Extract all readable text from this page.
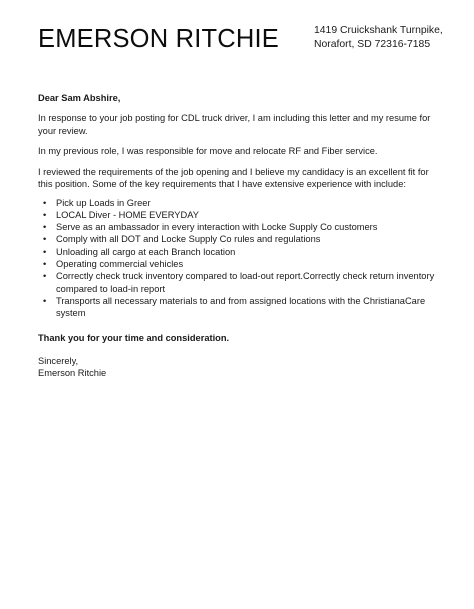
EMERSON RITCHIE	1419 Cruickshank Turnpike,
Norafort, SD 72316-7185

Dear Sam Abshire,

In response to your job posting for CDL truck driver, I am including this letter and my resume for your review.

In my previous role, I was responsible for move and relocate RF and Fiber service.

I reviewed the requirements of the job opening and I believe my candidacy is an excellent fit for this position. Some of the key requirements that I have extensive experience with include:

• Pick up Loads in Greer
• LOCAL Diver - HOME EVERYDAY
• Serve as an ambassador in every interaction with Locke Supply Co customers
• Comply with all DOT and Locke Supply Co rules and regulations
• Unloading all cargo at each Branch location
• Operating commercial vehicles
• Correctly check truck inventory compared to load-out report.Correctly check return inventory compared to load-in report
• Transports all necessary materials to and from assigned locations with the ChristianaCare system

Thank you for your time and consideration.

Sincerely,

Emerson Ritchie
